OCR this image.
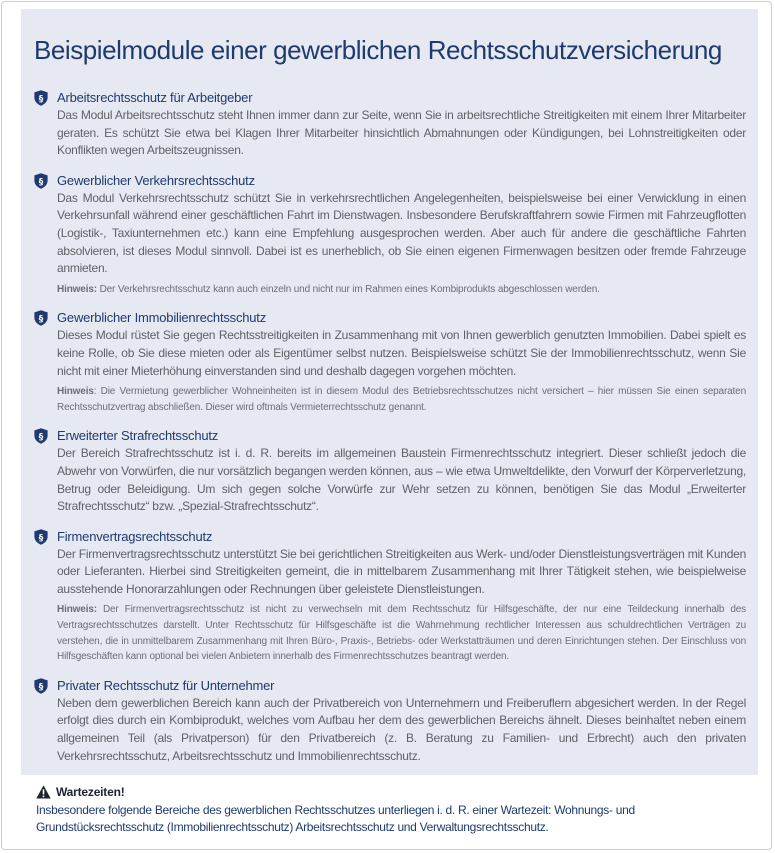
Beispielmodule einer gewerblichen Rechtsschutzversicherung
§ Arbeitsrechtsschutz für Arbeitgeber

Das Modul Arbeitsrechtsschutz steht Ihnen immer dann zur Seite, wenn Sie in arbeitsrechtliche Streitigkeiten mit einem Ihrer Mitarbeiter geraten. Es schützt Sie etwa bei Klagen Ihrer Mitarbeiter hinsichtlich Abmahnungen oder Kündigungen, bei Lohnstreitigkeiten oder Konflikten wegen Arbeitszeugnissen.

§ Gewerblicher Verkehrsrechtsschutz

Das Modul Verkehrsrechtsschutz schützt Sie in verkehrsrechtlichen Angelegenheiten, beispielsweise bei einer Verwicklung in einen Verkehrsunfall während einer geschäftlichen Fahrt im Dienstwagen. Insbesondere Berufskraftfahrern sowie Firmen mit Fahrzeugflotten (Logistik-, Taxiunternehmen etc.) kann eine Empfehlung ausgesprochen werden. Aber auch für andere die geschäftliche Fahrten absolvieren, ist dieses Modul sinnvoll. Dabei ist es unerheblich, ob Sie einen eigenen Firmenwagen besitzen oder fremde Fahrzeuge anmieten.

Hinweis: Der Verkehrsrechtsschutz kann auch einzeln und nicht nur im Rahmen eines Kombiprodukts abgeschlossen werden.
§ Gewerblicher Immobilienrechtsschutz

Dieses Modul rüstet Sie gegen Rechtsstreitigkeiten in Zusammenhang mit von Ihnen gewerblich genutzten Immobilien. Dabei spielt es keine Rolle, ob Sie diese mieten oder als Eigentümer selbst nutzen. Beispielsweise schützt Sie der Immobilienrechtsschutz, wenn Sie nicht mit einer Mieterhöhung einverstanden sind und deshalb dagegen vorgehen möchten.

Hinweis: Die Vermietung gewerblicher Wohneinheiten ist in diesem Modul des Betriebsrechtsschutzes nicht versichert – hier müssen Sie einen separaten Rechtsschutzvertrag abschließen. Dieser wird oftmals Vermieterrechtsschutz genannt.
§ Erweiterter Strafrechtsschutz

Der Bereich Strafrechtsschutz ist i. d. R. bereits im allgemeinen Baustein Firmenrechtsschutz integriert. Dieser schließt jedoch die Abwehr von Vorwürfen, die nur vorsätzlich begangen werden können, aus – wie etwa Umweltdelikte, den Vorwurf der Körperverletzung, Betrug oder Beleidigung. Um sich gegen solche Vorwürfe zur Wehr setzen zu können, benötigen Sie das Modul „Erweiterter Strafrechtsschutz“ bzw. „Spezial-Strafrechtsschutz“.

§ Firmenvertragsrechtsschutz

Der Firmenvertragsrechtsschutz unterstützt Sie bei gerichtlichen Streitigkeiten aus Werk- und/oder Dienstleistungsverträgen mit Kunden oder Lieferanten. Hierbei sind Streitigkeiten gemeint, die in mittelbarem Zusammenhang mit Ihrer Tätigkeit stehen, wie beispielweise ausstehende Honorarzahlungen oder Rechnungen über geleistete Dienstleistungen.

Hinweis: Der Firmenvertragsrechtsschutz ist nicht zu verwechseln mit dem Rechtsschutz für Hilfsgeschäfte, der nur eine Teildeckung innerhalb des Vertragsrechtsschutzes darstellt. Unter Rechtsschutz für Hilfsgeschäfte ist die Wahrnehmung rechtlicher Interessen aus schuldrechtlichen Verträgen zu verstehen, die in unmittelbarem Zusammenhang mit Ihren Büro-, Praxis-, Betriebs- oder Werkstatträumen und deren Einrichtungen stehen. Der Einschluss von Hilfsgeschäften kann optional bei vielen Anbietern innerhalb des Firmenrechtsschutzes beantragt werden.
§ Privater Rechtsschutz für Unternehmer

Neben dem gewerblichen Bereich kann auch der Privatbereich von Unternehmern und Freiberuflern abgesichert werden. In der Regel erfolgt dies durch ein Kombiprodukt, welches vom Aufbau her dem des gewerblichen Bereichs ähnelt. Dieses beinhaltet neben einem allgemeinen Teil (als Privatperson) für den Privatbereich (z. B. Beratung zu Familien- und Erbrecht) auch den privaten Verkehrsrechtsschutz, Arbeitsrechtsschutz und Immobilienrechtsschutz.

Wartezeiten!

Insbesondere folgende Bereiche des gewerblichen Rechtsschutzes unterliegen i. d. R. einer Wartezeit: Wohnungs- und Grundstücksrechtsschutz (Immobilienrechtsschutz) Arbeitsrechtsschutz und Verwaltungsrechtsschutz.
